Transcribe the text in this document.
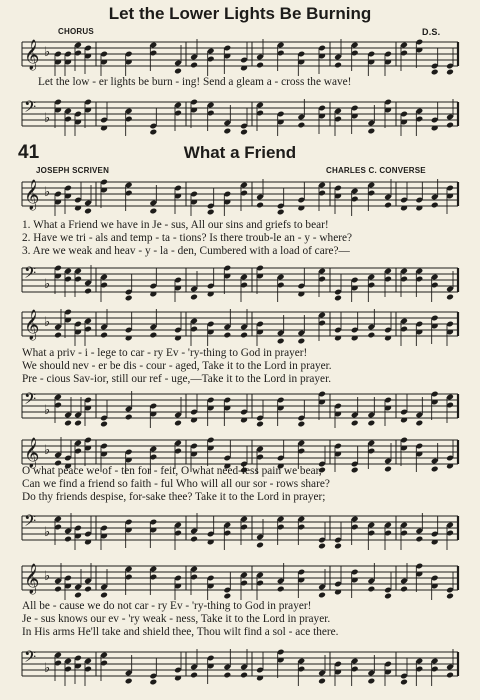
Let the Lower Lights Be Burning
CHORUS	D.S.
𝄞 ♭
Let the low - er lights be burn - ing! Send a gleam a - cross the wave!
𝄢 ♭
41	What a Friend
JOSEPH SCRIVEN	CHARLES C. CONVERSE
𝄞 ♭
1. What a Friend we have in Je - sus, All our sins and griefs to bear!
2. Have we tri - als and temp - ta - tions? Is there troub-le an - y - where?
3. Are we weak and heav - y - la - den, Cumbered with a load of care?—
𝄢 ♭
𝄞 ♭
What a priv - i - lege to car - ry Ev - 'ry-thing to God in prayer!
We should nev - er be dis - cour - aged, Take it to the Lord in prayer.
Pre - cious Sav-ior, still our ref - uge,—Take it to the Lord in prayer.
𝄢 ♭
𝄞 ♭
O what peace we of - ten for - feit, O what need-less pain we bear,
Can we find a friend so faith - ful Who will all our sor - rows share?
Do thy friends despise, for-sake thee? Take it to the Lord in prayer;
𝄢 ♭
𝄞 ♭
All be - cause we do not car - ry Ev - 'ry-thing to God in prayer!
Je - sus knows our ev - 'ry weak - ness, Take it to the Lord in prayer.
In His arms He'll take and shield thee, Thou wilt find a sol - ace there.
𝄢 ♭
